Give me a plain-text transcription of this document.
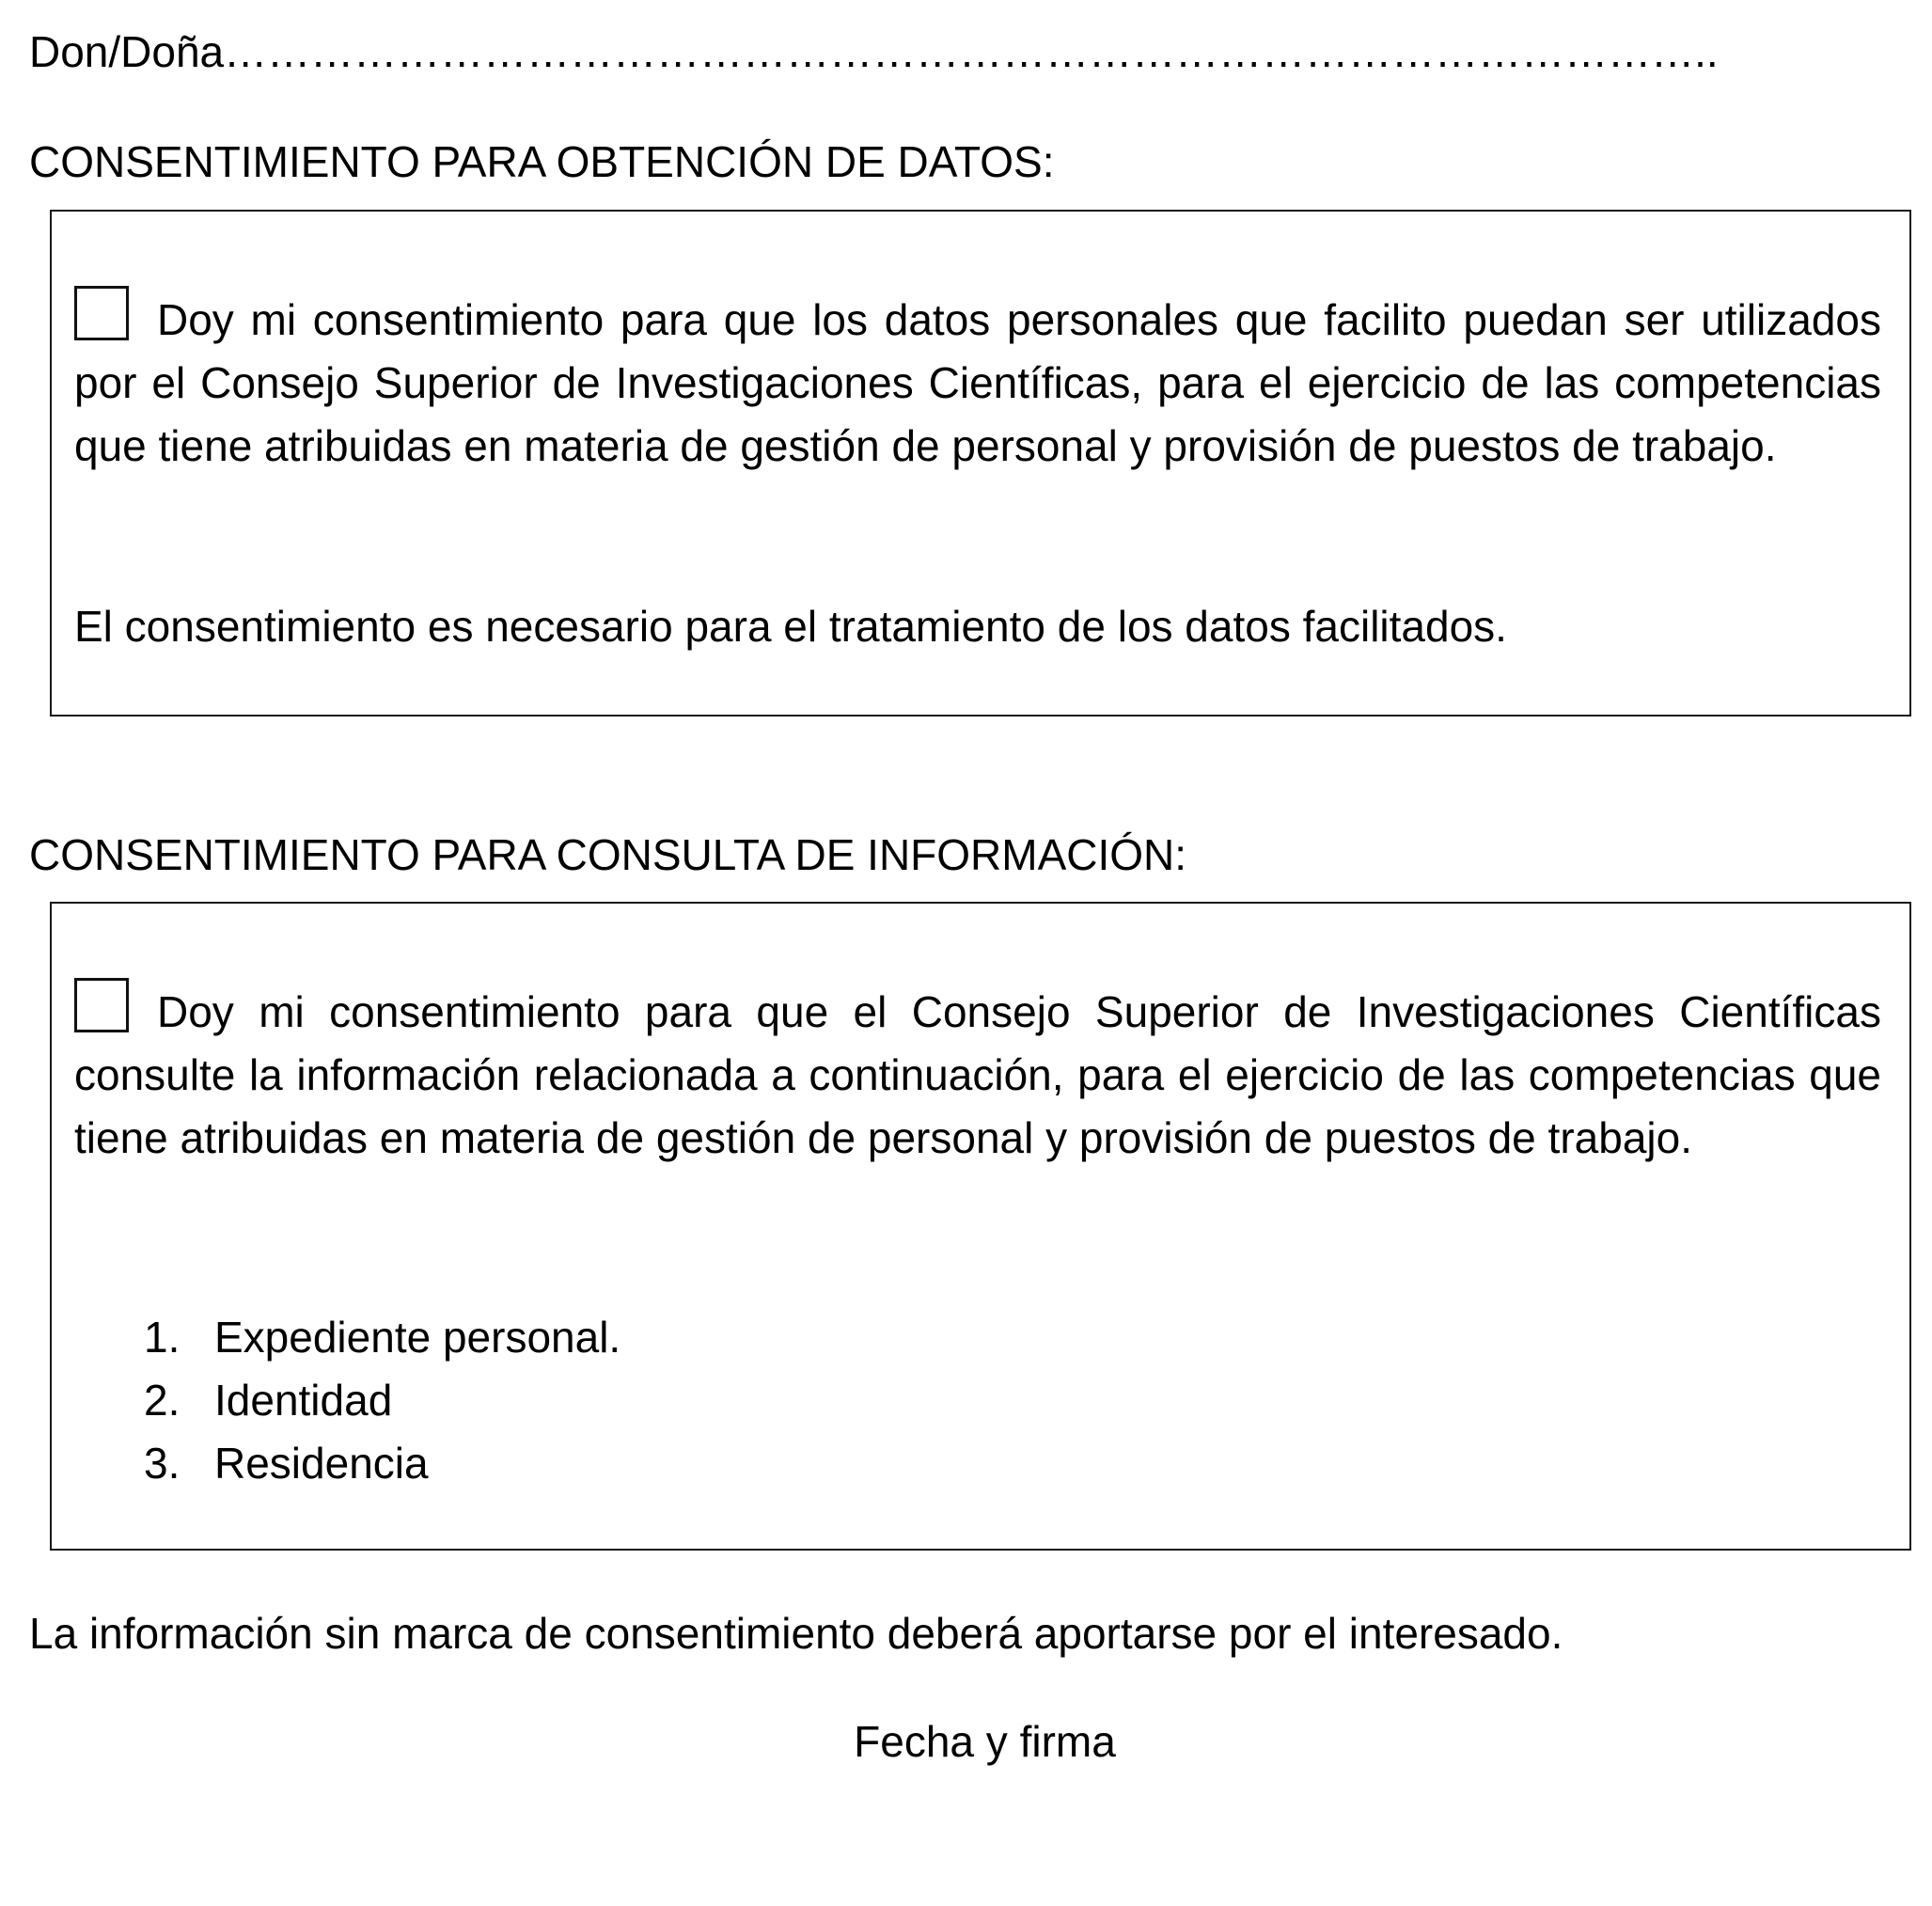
Don/Doña…………………………………………………………………………………………..
CONSENTIMIENTO PARA OBTENCIÓN DE DATOS:

Doy mi consentimiento para que los datos personales que facilito puedan ser utilizados por el Consejo Superior de Investigaciones Científicas, para el ejercicio de las competencias que tiene atribuidas en materia de gestión de personal y provisión de puestos de trabajo.

El consentimiento es necesario para el tratamiento de los datos facilitados.

CONSENTIMIENTO PARA CONSULTA DE INFORMACIÓN:

Doy mi consentimiento para que el Consejo Superior de Investigaciones Científicas consulte la información relacionada a continuación, para el ejercicio de las competencias que tiene atribuidas en materia de gestión de personal y provisión de puestos de trabajo.

1. Expediente personal.
2. Identidad
3. Residencia
La información sin marca de consentimiento deberá aportarse por el interesado.
Fecha y firma
